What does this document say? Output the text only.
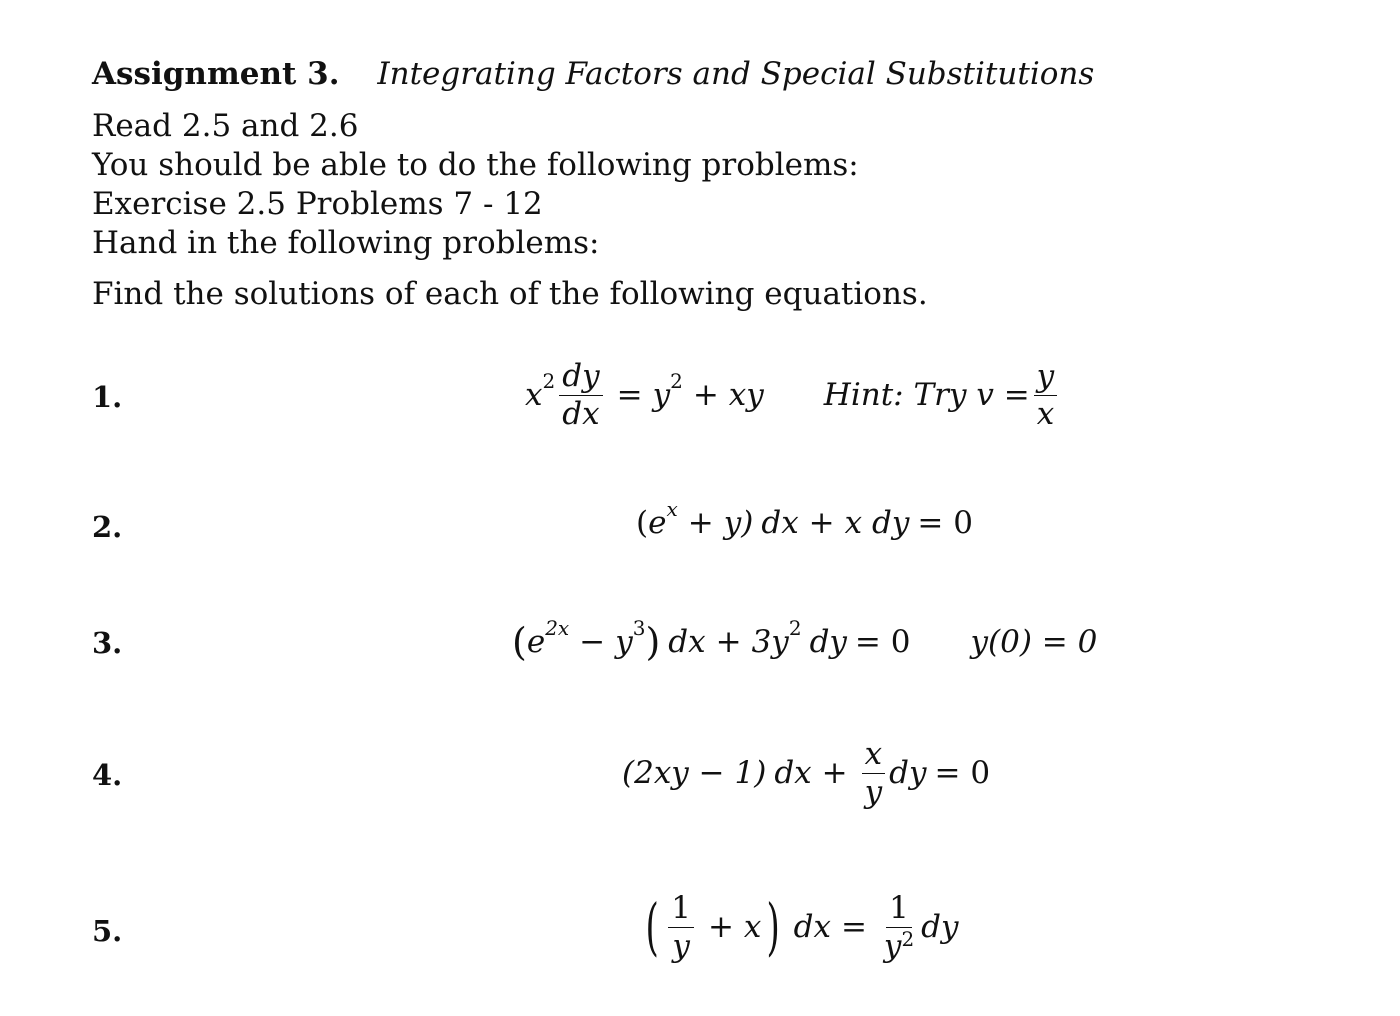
Assignment 3. Integrating Factors and Special Substitutions
Read 2.5 and 2.6
You should be able to do the following problems:
Exercise 2.5 Problems 7 - 12
Hand in the following problems:
Find the solutions of each of the following equations.
1.	x $2 \frac{dy}{dx} = y$ 2 + xy Hint: Try $v = \frac{y}{x}$
2.	( e x + y) dx + x dy = 0
3.	( e 2x − y 3 ) dx + 3y 2 dy = 0 y(0) = 0
4.	(2xy − 1) dx + $\frac{x}{y}$ dy = 0
5.	( $\frac{1}{y} + x$ ) dx = $\frac{1}{y^2}$ dy
